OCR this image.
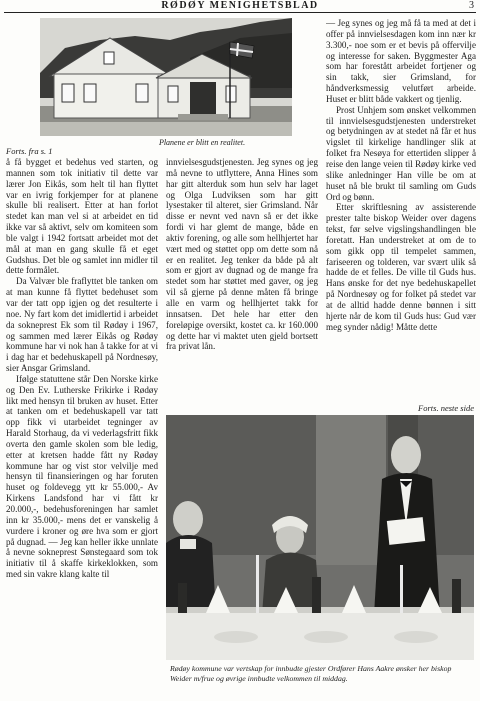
RØDØY MENIGHETSBLAD	3
Planene er blitt en realitet.
Forts. fra s. 1

å få bygget et bedehus ved starten, og mannen som tok initiativ til dette var lærer Jon Eikås, som helt til han flyttet var en ivrig forkjemper for at planene skulle bli realisert. Etter at han forlot stedet kan man vel si at arbeidet en tid ikke var så aktivt, selv om komiteen som ble valgt i 1942 fortsatt arbeidet mot det mål at man en gang skulle få et eget Gudshus. Det ble og samlet inn midler til dette formålet.

Da Valvær ble fraflyttet ble tanken om at man kunne få flyttet bedehuset som var der tatt opp igjen og det resulterte i noe. Ny fart kom det imidlertid i arbeidet da sokneprest Ek som til Rødøy i 1967, og sammen med lærer Eikås og Rødøy kommune har vi nok han å takke for at vi i dag har et bedehuskapell på Nordnesøy, sier Ansgar Grimsland.

Ifølge statuttene står Den Norske kirke og Den Ev. Lutherske Frikirke i Rødøy likt med hensyn til bruken av huset. Etter at tanken om et bedehuskapell var tatt opp fikk vi utarbeidet tegninger av Harald Storhaug, da vi vederlagsfritt fikk overta den gamle skolen som ble ledig, etter at kretsen hadde fått ny Rødøy kommune har og vist stor velvilje med hensyn til finansieringen og har foruten huset og foldevegg ytt kr 55.000,- Av Kirkens Landsfond har vi fått kr 20.000,-, bedehusforeningen har samlet inn kr 35.000,- mens det er vanskelig å vurdere i kroner og øre hva som er gjort på dugnad. — Jeg kan heller ikke unnlate å nevne sokneprest Sønstegaard som tok initiativ til å skaffe kirkeklokken, som med sin vakre klang kalte til

innvielsesgudstjenesten. Jeg synes og jeg må nevne to utflyttere, Anna Hines som har gitt alterduk som hun selv har laget og Olga Ludviksen som har gitt lysestaker til alteret, sier Grimsland. Når disse er nevnt ved navn så er det ikke fordi vi har glemt de mange, både en aktiv forening, og alle som hellhjertet har vært med og støttet opp om dette som nå er en realitet. Jeg tenker da både på alt som er gjort av dugnad og de mange fra stedet som har støttet med gaver, og jeg vil så gjerne på denne måten få bringe alle en varm og hellhjertet takk for innsatsen. Det hele har etter den foreløpige oversikt, kostet ca. kr 160.000 og dette har vi maktet uten gjeld bortsett fra privat lån.

— Jeg synes og jeg må få ta med at det i offer på innvielsesdagen kom inn nær kr 3.300,- noe som er et bevis på offervilje og interesse for saken. Byggmester Aga som har forestått arbeidet fortjener og sin takk, sier Grimsland, for håndverksmessig velutført arbeide. Huset er blitt både vakkert og tjenlig.

Prost Unhjem som ønsket velkommen til innvielsesgudstjenesten understreket og betydningen av at stedet nå får et hus vigslet til kirkelige handlinger slik at folket fra Nesøya for ettertiden slipper å reise den lange veien til Rødøy kirke ved slike anledninger Han ville be om at huset nå ble brukt til samling om Guds Ord og bønn.

Etter skriftlesning av assisterende prester talte biskop Weider over dagens tekst, før selve vigslingshandlingen ble foretatt. Han understreket at om de to som gikk opp til tempelet sammen, fariseeren og tolderen, var svært ulik så hadde de et felles. De ville til Guds hus. Hans ønske for det nye bedehuskapellet på Nordnesøy og for folket på stedet var at de alltid hadde denne bønnen i sitt hjerte når de kom til Guds hus: Gud vær meg synder nådig! Måtte dette

Forts. neste side
Rødøy kommune var vertskap for innbudte gjester Ordfører Hans Aakre ønsker her biskop Weider m/frue og øvrige innbudte velkommen til middag.
